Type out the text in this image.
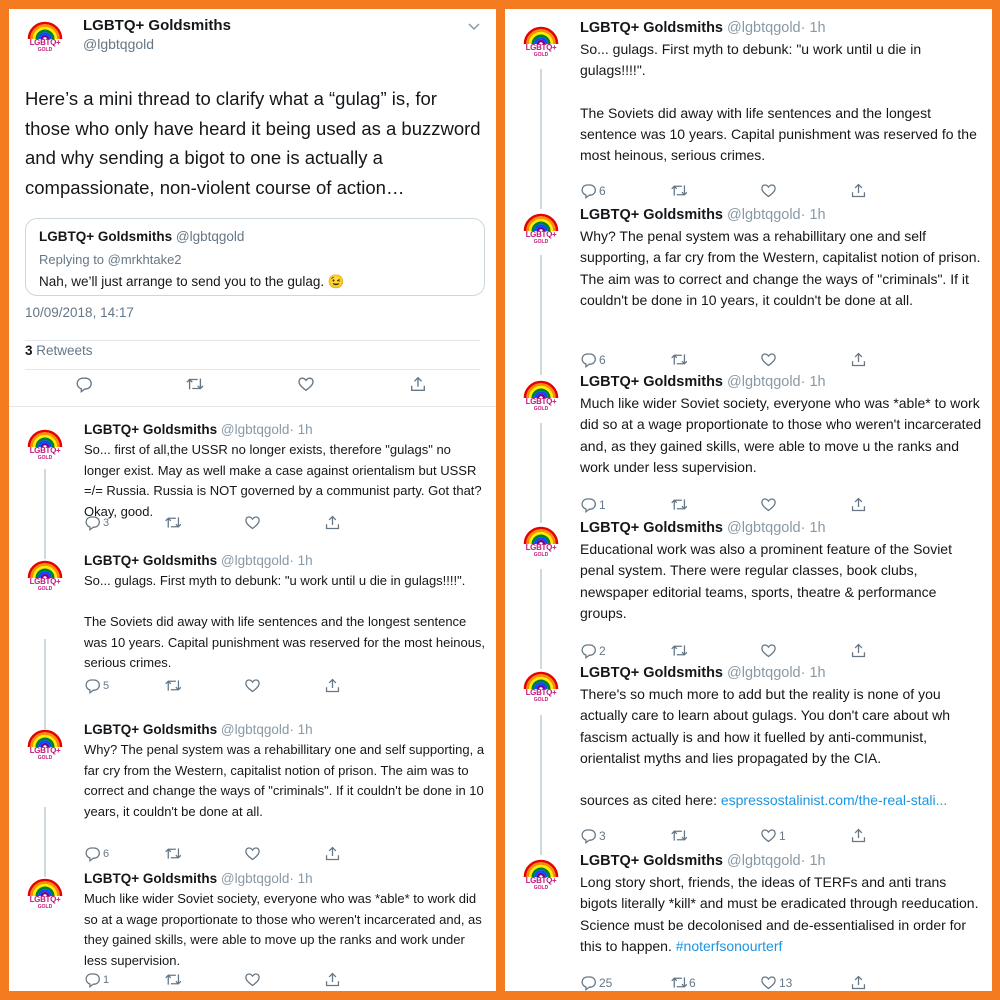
LGBTQ+
GOLD
LGBTQ+ Goldsmiths
@lgbtqgold
Here’s a mini thread to clarify what a “gulag” is, for those who only have heard it being used as a buzzword and why sending a bigot to one is actually a compassionate, non-violent course of action…
LGBTQ+ Goldsmiths @lgbtqgold
Replying to @mrkhtake2
Nah, we’ll just arrange to send you to the gulag. 😉
10/09/2018, 14:17
3 Retweets
LGBTQ+
GOLD
LGBTQ+ Goldsmiths @lgbtqgold· 1h
So... first of all,the USSR no longer exists, therefore "gulags" no longer exist. May as well make a case against orientalism but USSR =/= Russia. Russia is NOT governed by a communist party. Got that? Okay, good.
3
LGBTQ+
GOLD
LGBTQ+ Goldsmiths @lgbtqgold· 1h
So... gulags. First myth to debunk: "u work until u die in gulags!!!!".

The Soviets did away with life sentences and the longest sentence was 10 years. Capital punishment was reserved for the most heinous, serious crimes.
5
LGBTQ+
GOLD
LGBTQ+ Goldsmiths @lgbtqgold· 1h
Why? The penal system was a rehabillitary one and self supporting, a far cry from the Western, capitalist notion of prison. The aim was to correct and change the ways of "criminals". If it couldn't be done in 10 years, it couldn't be done at all.
6
LGBTQ+
GOLD
LGBTQ+ Goldsmiths @lgbtqgold· 1h
Much like wider Soviet society, everyone who was *able* to work did so at a wage proportionate to those who weren't incarcerated and, as they gained skills, were able to move up the ranks and work under less supervision.
1
LGBTQ+
GOLD
LGBTQ+ Goldsmiths @lgbtqgold· 1h
So... gulags. First myth to debunk: "u work until u die in gulags!!!!".

The Soviets did away with life sentences and the longest sentence was 10 years. Capital punishment was reserved fo the most heinous, serious crimes.
6
LGBTQ+
GOLD
LGBTQ+ Goldsmiths @lgbtqgold· 1h
Why? The penal system was a rehabillitary one and self supporting, a far cry from the Western, capitalist notion of prison. The aim was to correct and change the ways of "criminals". If it couldn't be done in 10 years, it couldn't be done at all.
6
LGBTQ+
GOLD
LGBTQ+ Goldsmiths @lgbtqgold· 1h
Much like wider Soviet society, everyone who was *able* to work did so at a wage proportionate to those who weren't incarcerated and, as they gained skills, were able to move u the ranks and work under less supervision.
1
LGBTQ+
GOLD
LGBTQ+ Goldsmiths @lgbtqgold· 1h
Educational work was also a prominent feature of the Soviet penal system. There were regular classes, book clubs, newspaper editorial teams, sports, theatre & performance groups.
2
LGBTQ+
GOLD
LGBTQ+ Goldsmiths @lgbtqgold· 1h
There's so much more to add but the reality is none of you actually care to learn about gulags. You don't care about wh fascism actually is and how it fuelled by anti-communist, orientalist myths and lies propagated by the CIA.

sources as cited here: espressostalinist.com/the-real-stali...
3	1
LGBTQ+
GOLD
LGBTQ+ Goldsmiths @lgbtqgold· 1h
Long story short, friends, the ideas of TERFs and anti trans bigots literally *kill* and must be eradicated through reeducation. Science must be decolonised and de-essentialised in order for this to happen. #noterfsonourterf
25	6	13
